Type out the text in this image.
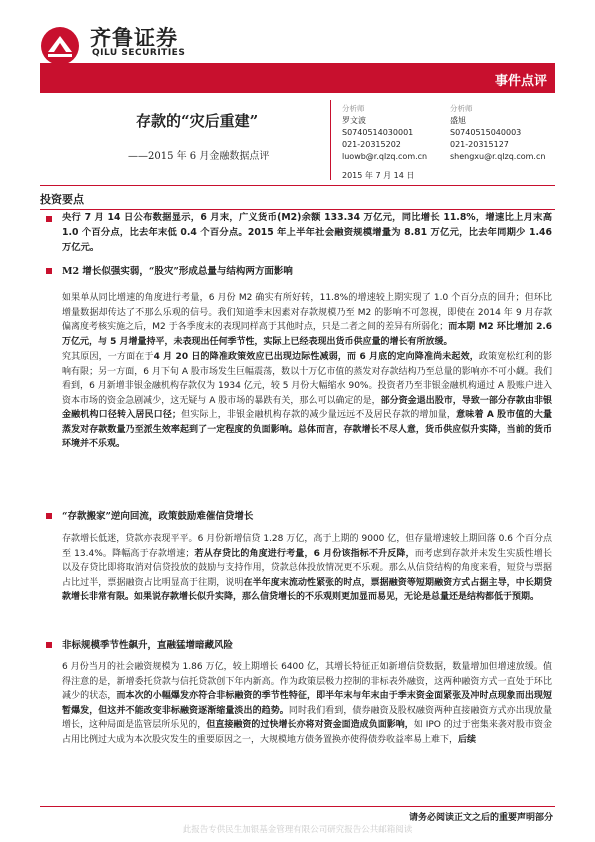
齐鲁证券
QILU SECURITIES
事件点评
存款的“灾后重建”
——2015 年 6 月金融数据点评
分析师
罗文波
S0740514030001
021-20315202
luowb@r.qlzq.com.cn
分析师
盛旭
S0740515040003
021-20315127
shengxu@r.qlzq.com.cn
2015 年 7 月 14 日
投资要点
央行 7 月 14 日公布数据显示，6 月末，广义货币(M2)余额 133.34 万亿元，同比增长 11.8%，增速比上月末高 1.0 个百分点，比去年末低 0.4 个百分点。2015 年上半年社会融资规模增量为 8.81 万亿元，比去年同期少 1.46 万亿元。
M2 增长似强实弱，“股灾”形成总量与结构两方面影响
如果单从同比增速的角度进行考量，6 月份 M2 确实有所好转，11.8%的增速较上期实现了 1.0 个百分点的回升；但环比增量数据却传达了不那么乐观的信号。我们知道季末因素对存款规模乃至 M2 的影响不可忽视，即使在 2014 年 9 月存款偏离度考核实施之后，M2 于各季度末的表现同样高于其他时点，只是二者之间的差异有所弱化；而本期 M2 环比增加 2.6 万亿元，与 5 月增量持平，未表现出任何季节性，实际上已经表现出货币供应量的增长有所放缓。
究其原因，一方面在于4 月 20 日的降准政策效应已出现边际性减弱，而 6 月底的定向降准尚未起效，政策宽松红利的影响有限；另一方面，6 月下旬 A 股市场发生巨幅震荡，数以十万亿市值的蒸发对存款结构乃至总量的影响亦不可小觑。我们看到，6 月新增非银金融机构存款仅为 1934 亿元，较 5 月份大幅缩水 90%。投资者乃至非银金融机构通过 A 股账户进入资本市场的资金急剧减少，这无疑与 A 股市场的暴跌有关，那么可以确定的是，部分资金退出股市，导致一部分存款由非银金融机构口径转入居民口径；但实际上，非银金融机构存款的减少量远远不及居民存款的增加量，意味着 A 股市值的大量蒸发对存款数量乃至派生效率起到了一定程度的负面影响。总体而言，存款增长不尽人意，货币供应似升实降，当前的货币环境并不乐观。
“存款搬家”逆向回流，政策鼓励难催信贷增长
存款增长低迷，贷款亦表现平平。6 月份新增信贷 1.28 万亿，高于上期的 9000 亿，但存量增速较上期回落 0.6 个百分点至 13.4%。降幅高于存款增速；若从存贷比的角度进行考量，6 月份该指标不升反降，而考虑到存款并未发生实质性增长以及存贷比即将取消对信贷投放的鼓励与支持作用，贷款总体投放情况更不乐观。那么从信贷结构的角度来看，短贷与票据占比过半，票据融资占比明显高于往期，说明在半年度末流动性紧张的时点，票据融资等短期融资方式占据主导，中长期贷款增长非常有限。如果说存款增长似升实降，那么信贷增长的不乐观则更加显而易见，无论是总量还是结构都低于预期。
非标规模季节性飙升，直融猛增暗藏风险
6 月份当月的社会融资规模为 1.86 万亿，较上期增长 6400 亿，其增长特征正如新增信贷数据，数量增加但增速放缓。值得注意的是，新增委托贷款与信托贷款创下年内新高。作为政策层极力控制的非标表外融资，这两种融资方式一直处于环比减少的状态，而本次的小幅爆发亦符合非标融资的季节性特征，即半年末与年末由于季末资金面紧张及冲时点现象而出现短暂爆发，但这并不能改变非标融资逐渐缩量淡出的趋势。同时我们看到，债券融资及股权融资两种直接融资方式亦出现放量增长，这种局面是监管层所乐见的，但直接融资的过快增长亦将对资金面造成负面影响，如 IPO 的过于密集来袭对股市资金占用比例过大成为本次股灾发生的重要原因之一，大规模地方债务置换亦使得债券收益率易上难下，后续
请务必阅读正文之后的重要声明部分
此报告专供民生加银基金管理有限公司研究报告公共邮箱阅读
